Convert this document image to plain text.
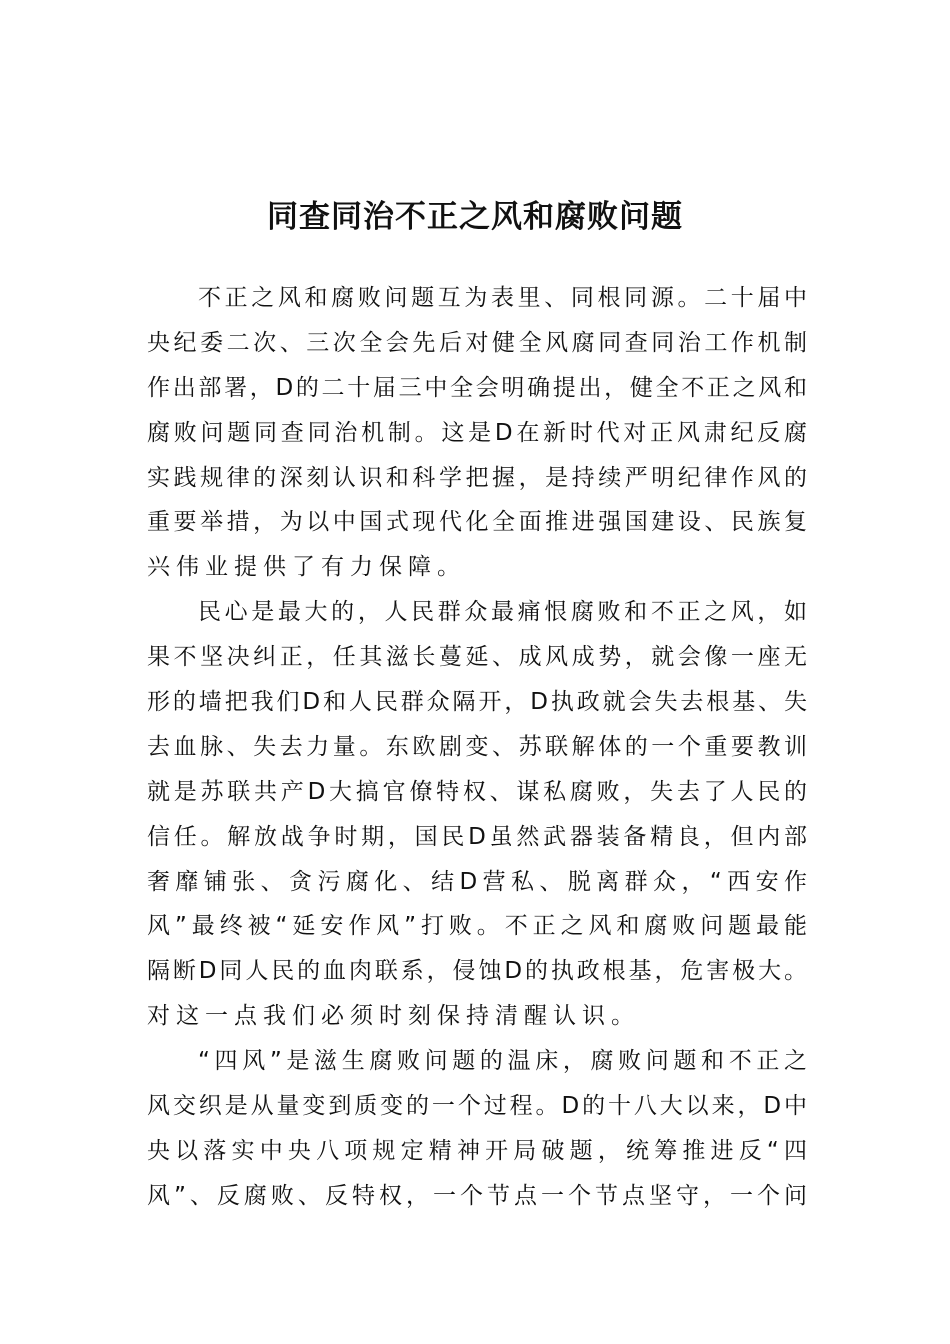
同查同治不正之风和腐败问题
不正之风和腐败问题互为表里、同根同源。二十届中
央纪委二次、三次全会先后对健全风腐同查同治工作机制
作出部署，D的二十届三中全会明确提出，健全不正之风和
腐败问题同查同治机制。这是D在新时代对正风肃纪反腐
实践规律的深刻认识和科学把握，是持续严明纪律作风的
重要举措，为以中国式现代化全面推进强国建设、民族复
兴伟业提供了有力保障。
民心是最大的，人民群众最痛恨腐败和不正之风，如
果不坚决纠正，任其滋长蔓延、成风成势，就会像一座无
形的墙把我们D和人民群众隔开，D执政就会失去根基、失
去血脉、失去力量。东欧剧变、苏联解体的一个重要教训
就是苏联共产D大搞官僚特权、谋私腐败，失去了人民的
信任。解放战争时期，国民D虽然武器装备精良，但内部
奢靡铺张、贪污腐化、结D营私、脱离群众，“西安作
风”最终被“延安作风”打败。不正之风和腐败问题最能
隔断D同人民的血肉联系，侵蚀D的执政根基，危害极大。
对这一点我们必须时刻保持清醒认识。
“四风”是滋生腐败问题的温床，腐败问题和不正之
风交织是从量变到质变的一个过程。D的十八大以来，D中
央以落实中央八项规定精神开局破题，统筹推进反“四
风”、反腐败、反特权，一个节点一个节点坚守，一个问
